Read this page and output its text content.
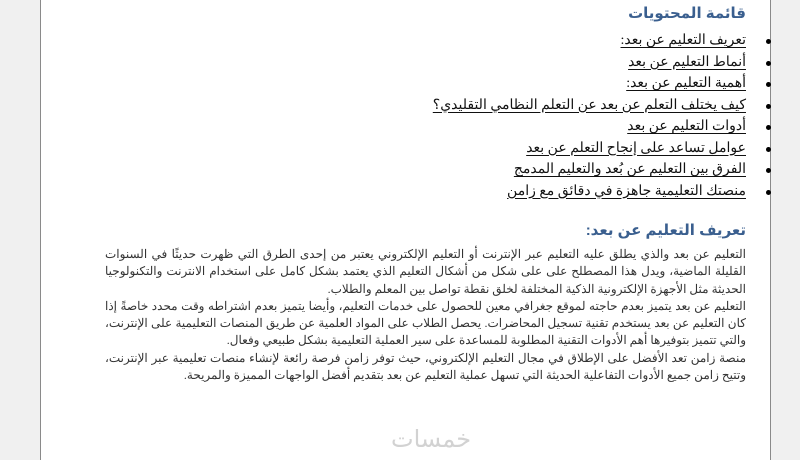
قائمة المحتويات
تعريف التعليم عن بعد:
أنماط التعليم عن بعد
أهمية التعليم عن بعد:
كيف يختلف التعلم عن بعد عن التعلم النظامي التقليدي؟
أدوات التعليم عن بعد
عوامل تساعد على إنجاح التعلم عن بعد
الفرق بين التعليم عن بُعد والتعليم المدمج
منصتك التعليمية جاهزة في دقائق مع زامن
تعريف التعليم عن بعد:

التعليم عن بعد والذي يطلق عليه التعليم عبر الإنترنت أو التعليم الإلكتروني يعتبر من إحدى الطرق التي ظهرت حديثًا في السنوات القليلة الماضية، ويدل هذا المصطلح على على شكل من أشكال التعليم الذي يعتمد بشكل كامل على استخدام الانترنت والتكنولوجيا الحديثة مثل الأجهزة الإلكترونية الذكية المختلفة لخلق نقطة تواصل بين المعلم والطلاب.

التعليم عن بعد يتميز بعدم حاجته لموقع جغرافي معين للحصول على خدمات التعليم، وأيضا يتميز بعدم اشتراطه وقت محدد خاصةً إذا كان التعليم عن بعد يستخدم تقنية تسجيل المحاضرات. يحصل الطلاب على المواد العلمية عن طريق المنصات التعليمية على الإنترنت، والتي تتميز بتوفيرها أهم الأدوات التقنية المطلوبة للمساعدة على سير العملية التعليمية بشكل طبيعي وفعال.

منصة زامن تعد الأفضل على الإطلاق في مجال التعليم الإلكتروني، حيث توفر زامن فرصة رائعة لإنشاء منصات تعليمية عبر الإنترنت، وتتيح زامن جميع الأدوات التفاعلية الحديثة التي تسهل عملية التعليم عن بعد بتقديم أفضل الواجهات المميزة والمريحة.

خمسات
